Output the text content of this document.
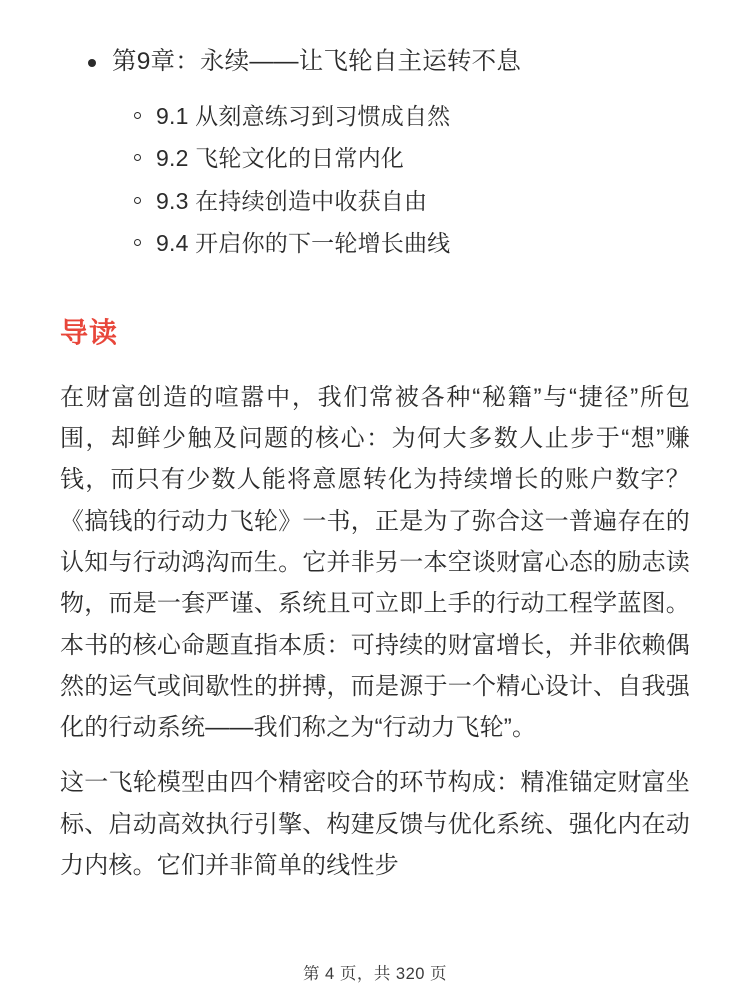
第9章：永续——让飞轮自主运转不息
9.1 从刻意练习到习惯成自然
9.2 飞轮文化的日常内化
9.3 在持续创造中收获自由
9.4 开启你的下一轮增长曲线
导读

在财富创造的喧嚣中，我们常被各种“秘籍”与“捷径”所包围，却鲜少触及问题的核心：为何大多数人止步于“想”赚钱，而只有少数人能将意愿转化为持续增长的账户数字？《搞钱的行动力飞轮》一书，正是为了弥合这一普遍存在的认知与行动鸿沟而生。它并非另一本空谈财富心态的励志读物，而是一套严谨、系统且可立即上手的行动工程学蓝图。本书的核心命题直指本质：可持续的财富增长，并非依赖偶然的运气或间歇性的拼搏，而是源于一个精心设计、自我强化的行动系统——我们称之为“行动力飞轮”。

这一飞轮模型由四个精密咬合的环节构成：精准锚定财富坐标、启动高效执行引擎、构建反馈与优化系统、强化内在动力内核。它们并非简单的线性步

第 4 页，共 320 页
